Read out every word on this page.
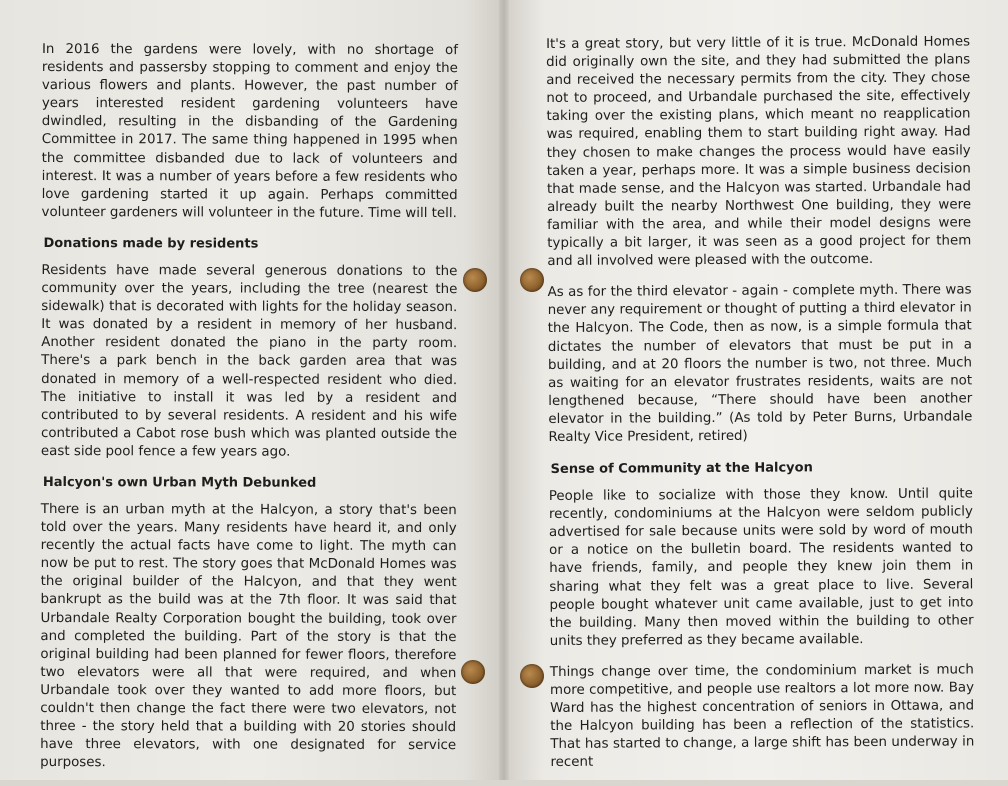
In 2016 the gardens were lovely, with no shortage of residents and passersby stopping to comment and enjoy the various flowers and plants. However, the past number of years interested resident gardening volunteers have dwindled, resulting in the disbanding of the Gardening Committee in 2017. The same thing happened in 1995 when the committee disbanded due to lack of volunteers and interest. It was a number of years before a few residents who love gardening started it up again. Perhaps committed volunteer gardeners will volunteer in the future. Time will tell.

Donations made by residents

Residents have made several generous donations to the community over the years, including the tree (nearest the sidewalk) that is decorated with lights for the holiday season. It was donated by a resident in memory of her husband. Another resident donated the piano in the party room. There's a park bench in the back garden area that was donated in memory of a well-respected resident who died. The initiative to install it was led by a resident and contributed to by several residents. A resident and his wife contributed a Cabot rose bush which was planted outside the east side pool fence a few years ago.

Halcyon's own Urban Myth Debunked

There is an urban myth at the Halcyon, a story that's been told over the years. Many residents have heard it, and only recently the actual facts have come to light. The myth can now be put to rest. The story goes that McDonald Homes was the original builder of the Halcyon, and that they went bankrupt as the build was at the 7th floor. It was said that Urbandale Realty Corporation bought the building, took over and completed the building. Part of the story is that the original building had been planned for fewer floors, therefore two elevators were all that were required, and when Urbandale took over they wanted to add more floors, but couldn't then change the fact there were two elevators, not three - the story held that a building with 20 stories should have three elevators, with one designated for service purposes.

It's a great story, but very little of it is true. McDonald Homes did originally own the site, and they had submitted the plans and received the necessary permits from the city. They chose not to proceed, and Urbandale purchased the site, effectively taking over the existing plans, which meant no reapplication was required, enabling them to start building right away. Had they chosen to make changes the process would have easily taken a year, perhaps more. It was a simple business decision that made sense, and the Halcyon was started. Urbandale had already built the nearby Northwest One building, they were familiar with the area, and while their model designs were typically a bit larger, it was seen as a good project for them and all involved were pleased with the outcome.

As as for the third elevator - again - complete myth. There was never any requirement or thought of putting a third elevator in the Halcyon. The Code, then as now, is a simple formula that dictates the number of elevators that must be put in a building, and at 20 floors the number is two, not three. Much as waiting for an elevator frustrates residents, waits are not lengthened because, “There should have been another elevator in the building.” (As told by Peter Burns, Urbandale Realty Vice President, retired)

Sense of Community at the Halcyon

People like to socialize with those they know. Until quite recently, condominiums at the Halcyon were seldom publicly advertised for sale because units were sold by word of mouth or a notice on the bulletin board. The residents wanted to have friends, family, and people they knew join them in sharing what they felt was a great place to live. Several people bought whatever unit came available, just to get into the building. Many then moved within the building to other units they preferred as they became available.

Things change over time, the condominium market is much more competitive, and people use realtors a lot more now. Bay Ward has the highest concentration of seniors in Ottawa, and the Halcyon building has been a reflection of the statistics. That has started to change, a large shift has been underway in recent
